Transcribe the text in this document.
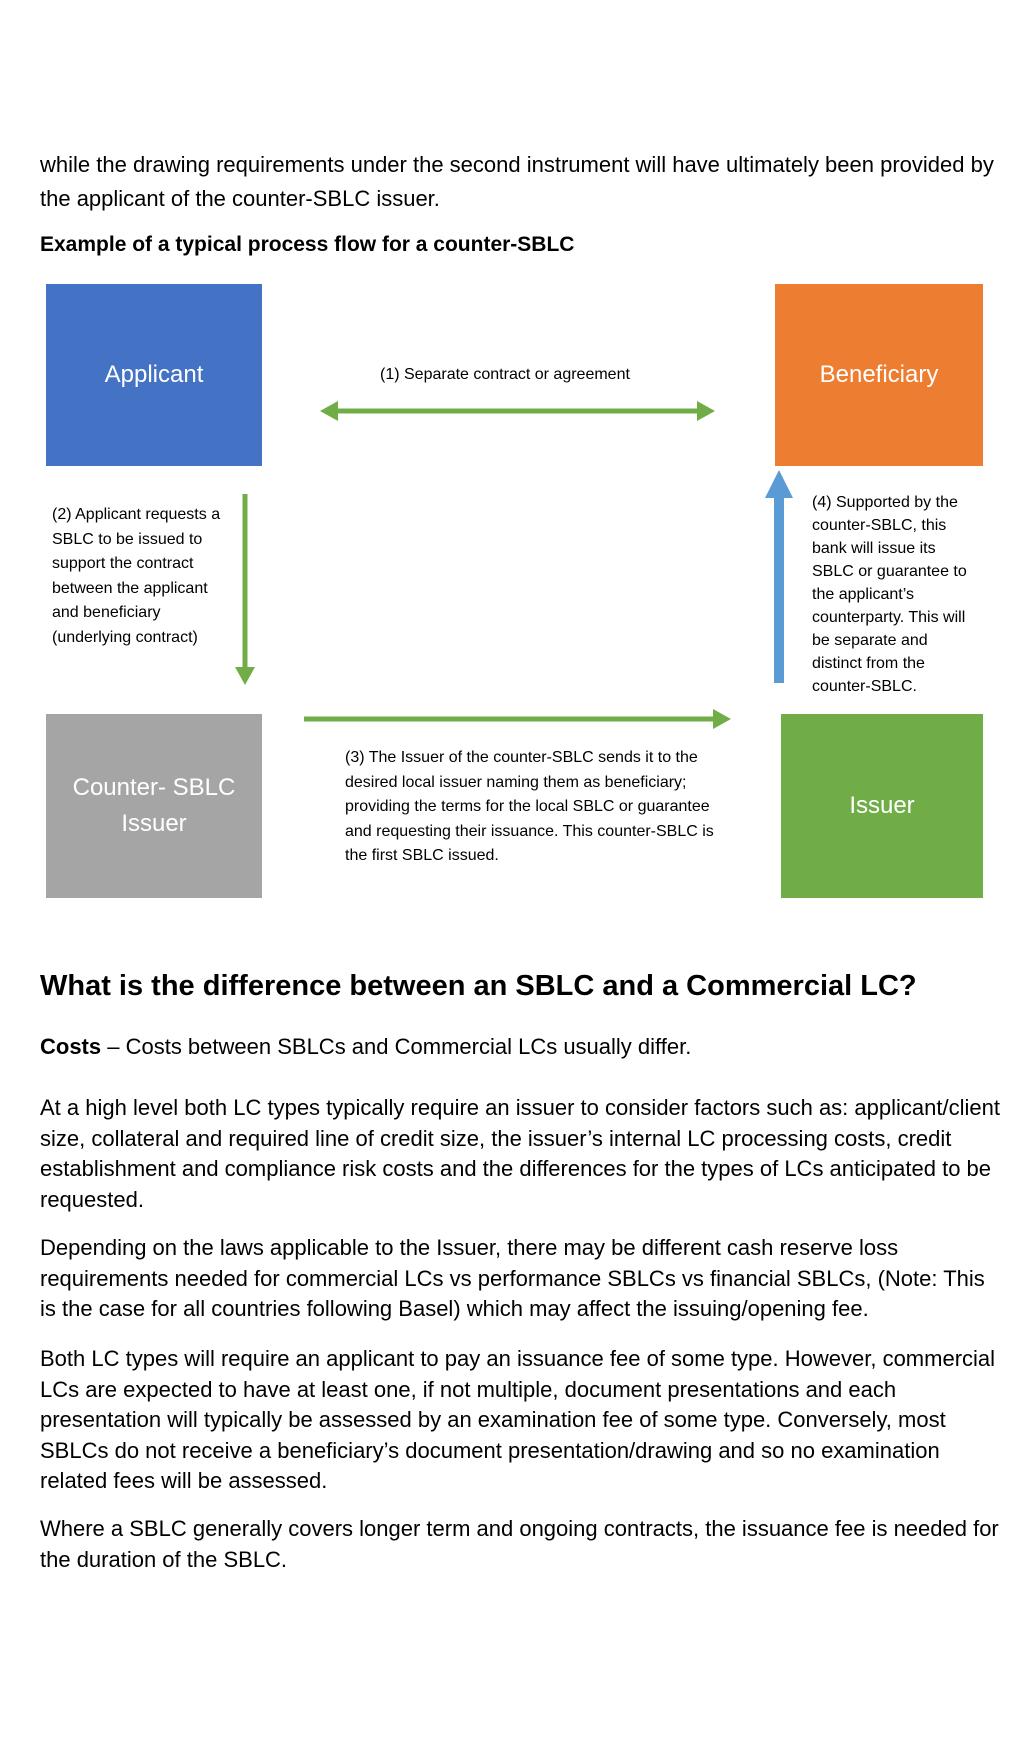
while the drawing requirements under the second instrument will have ultimately been provided by the applicant of the counter-SBLC issuer.

Example of a typical process flow for a counter-SBLC

Applicant	Beneficiary
Counter- SBLC Issuer
Issuer

(1) Separate contract or agreement

(2) Applicant requests a SBLC to be issued to support the contract between the applicant and beneficiary (underlying contract)

(3) The Issuer of the counter-SBLC sends it to the desired local issuer naming them as beneficiary; providing the terms for the local SBLC or guarantee and requesting their issuance. This counter-SBLC is the first SBLC issued.

(4) Supported by the counter-SBLC, this bank will issue its SBLC or guarantee to the applicant’s counterparty. This will be separate and distinct from the counter-SBLC.

What is the difference between an SBLC and a Commercial LC?

Costs – Costs between SBLCs and Commercial LCs usually differ.

At a high level both LC types typically require an issuer to consider factors such as: applicant/client size, collateral and required line of credit size, the issuer’s internal LC processing costs, credit establishment and compliance risk costs and the differences for the types of LCs anticipated to be requested.

Depending on the laws applicable to the Issuer, there may be different cash reserve loss requirements needed for commercial LCs vs performance SBLCs vs financial SBLCs, (Note: This is the case for all countries following Basel) which may affect the issuing/opening fee.

Both LC types will require an applicant to pay an issuance fee of some type. However, commercial LCs are expected to have at least one, if not multiple, document presentations and each presentation will typically be assessed by an examination fee of some type. Conversely, most SBLCs do not receive a beneficiary’s document presentation/drawing and so no examination related fees will be assessed.

Where a SBLC generally covers longer term and ongoing contracts, the issuance fee is needed for the duration of the SBLC.
